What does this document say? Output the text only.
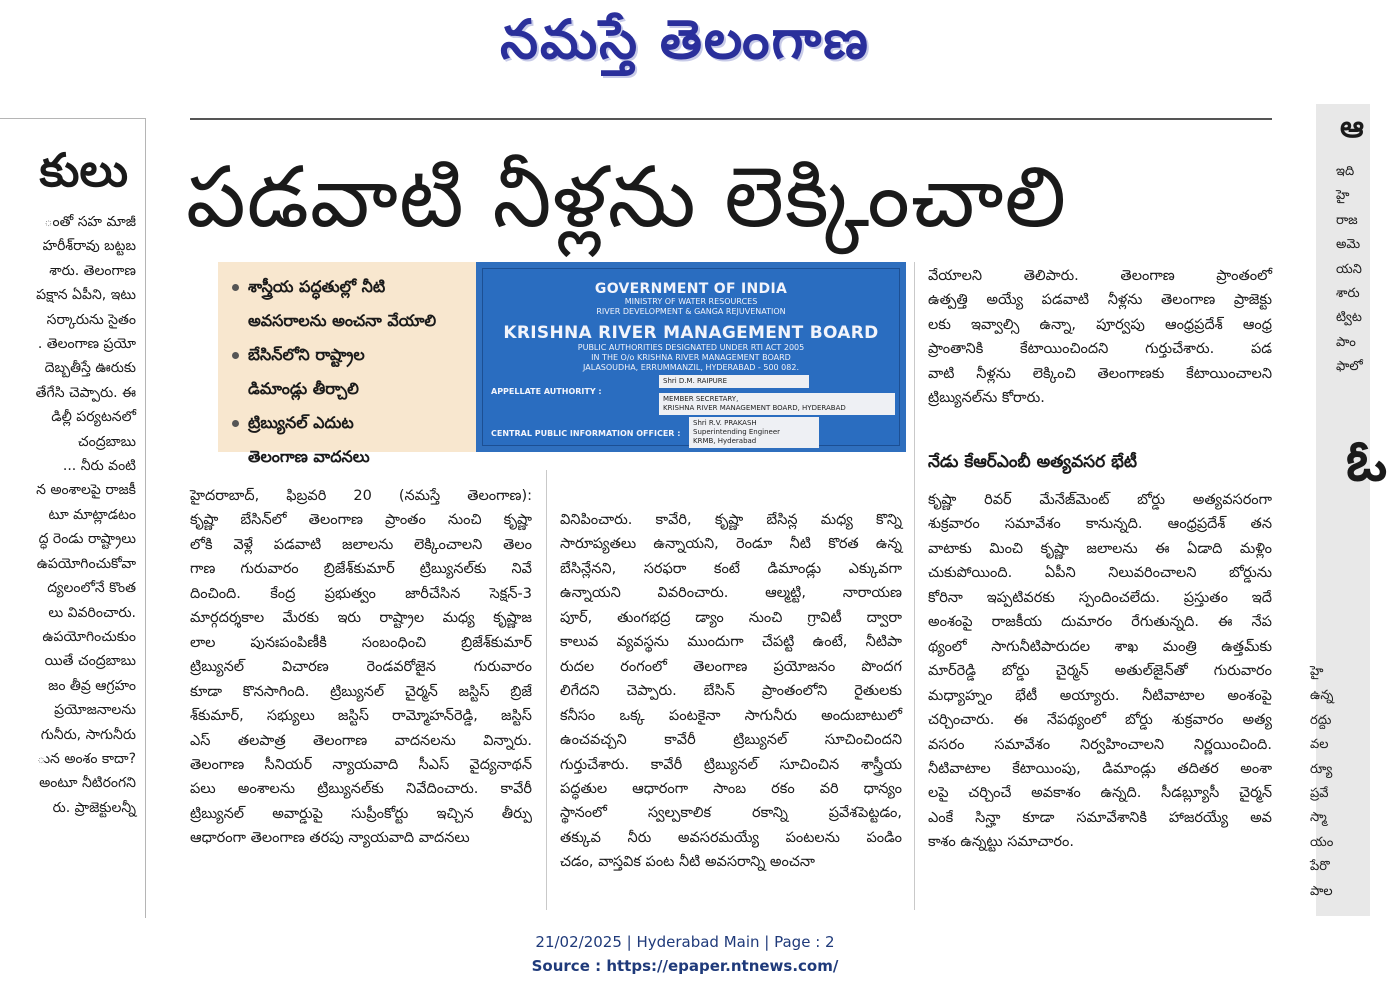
నమస్తే తెలంగాణ
కులు
ంతో సహ మాజీ
హరీశ్‌రావు బట్టబ
శారు. తెలంగాణ
పక్షాన ఏపీని, ఇటు
సర్కారును సైతం
. తెలంగాణ ప్రయో
దెబ్బతీస్తే ఊరుకు
తేగేసి చెప్పారు. ఈ
డిల్లీ పర్యటనలో
చంద్రబాబు
... నీరు వంటి
న అంశాలపై రాజకీ
టూ మాట్లాడటం
ద్ధ రెండు రాష్ట్రాలు
ఉపయోగించుకోవా
ద్యలంలోనే కొంత
లు వివరించారు.
ఉపయోగించుకుం
యితే చంద్రబాబు
జం తీవ్ర ఆగ్రహం
ప్రయోజనాలను
గునీరు, సాగునీరు
ున అంశం కాదా?
అంటూ నీటిరంగని
రు. ప్రాజెక్టులన్నీ
ఆ
ఇది
హై
రాజ
అమె
యని
శారు
ట్విట
పాం
ఫాలో
ఓ
హై
ఉన్న
రద్దు
వల
ర్యూ
ప్రవే
స్మా
యం
పేరొ
పాల
పడవాటి నీళ్లను లెక్కించాలి
శాస్త్రీయ పద్ధతుల్లో నీటి
అవసరాలను అంచనా వేయాలి
బేసిన్‌లోని రాష్ట్రాల
డిమాండ్లు తీర్చాలి
ట్రిబ్యునల్ ఎదుట
తెలంగాణ వాదనలు
GOVERNMENT OF INDIA
MINISTRY OF WATER RESOURCES
RIVER DEVELOPMENT & GANGA REJUVENATION
KRISHNA RIVER MANAGEMENT BOARD
PUBLIC AUTHORITIES DESIGNATED UNDER RTI ACT 2005
IN THE O/o KRISHNA RIVER MANAGEMENT BOARD
JALASOUDHA, ERRUMMANZIL, HYDERABAD - 500 082.
APPELLATE AUTHORITY :
Shri D.M. RAIPURE
MEMBER SECRETARY,
KRISHNA RIVER MANAGEMENT BOARD, HYDERABAD
CENTRAL PUBLIC INFORMATION OFFICER :
Shri R.V. PRAKASH
Superintending Engineer
KRMB, Hyderabad
హైదరాబాద్, ఫిబ్రవరి 20 (నమస్తే తెలంగాణ):
కృష్ణా బేసిన్‌లో తెలంగాణ ప్రాంతం నుంచి కృష్ణా
లోకి వెళ్లే పడవాటి జలాలను లెక్కించాలని తెలం
గాణ గురువారం బ్రిజేశ్‌కుమార్ ట్రిబ్యునల్‌కు నివే
దించింది. కేంద్ర ప్రభుత్వం జారీచేసిన సెక్షన్-3
మార్గదర్శకాల మేరకు ఇరు రాష్ట్రాల మధ్య కృష్ణాజ
లాల పునఃపంపిణీకి సంబంధించి బ్రిజేశ్‌కుమార్
ట్రిబ్యునల్ విచారణ రెండవరోజైన గురువారం
కూడా కొనసాగింది. ట్రిబ్యునల్ చైర్మన్ జస్టిస్ బ్రిజే
శ్‌కుమార్, సభ్యులు జస్టిస్ రామ్మోహన్‌రెడ్డి, జస్టిస్
ఎస్ తలపాత్ర తెలంగాణ వాదనలను విన్నారు.
తెలంగాణ సీనియర్ న్యాయవాది సీఎస్ వైద్యనాథన్
పలు అంశాలను ట్రిబ్యునల్‌కు నివేదించారు. కావేరీ
ట్రిబ్యునల్ అవార్డుపై సుప్రీంకోర్టు ఇచ్చిన తీర్పు
ఆధారంగా తెలంగాణ తరపు న్యాయవాది వాదనలు
వినిపించారు. కావేరి, కృష్ణా బేసిన్ల మధ్య కొన్ని
సారూప్యతలు ఉన్నాయని, రెండూ నీటి కొరత ఉన్న
బేసిన్లేనని, సరఫరా కంటే డిమాండ్లు ఎక్కువగా
ఉన్నాయని వివరించారు. ఆల్మట్టి, నారాయణ
పూర్, తుంగభద్ర డ్యాం నుంచి గ్రావిటీ ద్వారా
కాలువ వ్యవస్థను ముందుగా చేపట్టి ఉంటే, నీటిపా
రుదల రంగంలో తెలంగాణ ప్రయోజనం పొందగ
లిగేదని చెప్పారు. బేసిన్ ప్రాంతంలోని రైతులకు
కనీసం ఒక్క పంటకైనా సాగునీరు అందుబాటులో
ఉంచవచ్చని కావేరీ ట్రిబ్యునల్ సూచించిందని
గుర్తుచేశారు. కావేరీ ట్రిబ్యునల్ సూచించిన శాస్త్రీయ
పద్ధతుల ఆధారంగా సాంబ రకం వరి ధాన్యం
స్థానంలో స్వల్పకాలిక రకాన్ని ప్రవేశపెట్టడం,
తక్కువ నీరు అవసరమయ్యే పంటలను పండిం
చడం, వాస్తవిక పంట నీటి అవసరాన్ని అంచనా
వేయాలని తెలిపారు. తెలంగాణ ప్రాంతంలో
ఉత్పత్తి అయ్యే పడవాటి నీళ్లను తెలంగాణ ప్రాజెక్టు
లకు ఇవ్వాల్సి ఉన్నా, పూర్వపు ఆంధ్రప్రదేశ్ ఆంధ్ర
ప్రాంతానికి కేటాయించిందని గుర్తుచేశారు. పడ
వాటి నీళ్లను లెక్కించి తెలంగాణకు కేటాయించాలని
ట్రిబ్యునల్‌ను కోరారు.
నేడు కేఆర్‌ఎంబీ అత్యవసర భేటీ
కృష్ణా రివర్ మేనేజ్‌మెంట్ బోర్డు అత్యవసరంగా
శుక్రవారం సమావేశం కానున్నది. ఆంధ్రప్రదేశ్ తన
వాటాకు మించి కృష్ణా జలాలను ఈ ఏడాది మళ్లిం
చుకుపోయింది. ఏపీని నిలువరించాలని బోర్డును
కోరినా ఇప్పటివరకు స్పందించలేదు. ప్రస్తుతం ఇదే
అంశంపై రాజకీయ దుమారం రేగుతున్నది. ఈ నేప
థ్యంలో సాగునీటిపారుదల శాఖ మంత్రి ఉత్తమ్‌కు
మార్‌రెడ్డి బోర్డు చైర్మన్ అతుల్‌జైన్‌తో గురువారం
మధ్యాహ్నం భేటీ అయ్యారు. నీటివాటాల అంశంపై
చర్చించారు. ఈ నేపథ్యంలో బోర్డు శుక్రవారం అత్య
వసరం సమావేశం నిర్వహించాలని నిర్ణయించింది.
నీటివాటాల కేటాయింపు, డిమాండ్లు తదితర అంశా
లపై చర్చించే అవకాశం ఉన్నది. సీడబ్ల్యూసీ చైర్మన్
ఎంకే సిన్హా కూడా సమావేశానికి హాజరయ్యే అవ
కాశం ఉన్నట్టు సమాచారం.
21/02/2025 | Hyderabad Main | Page : 2
Source : https://epaper.ntnews.com/
